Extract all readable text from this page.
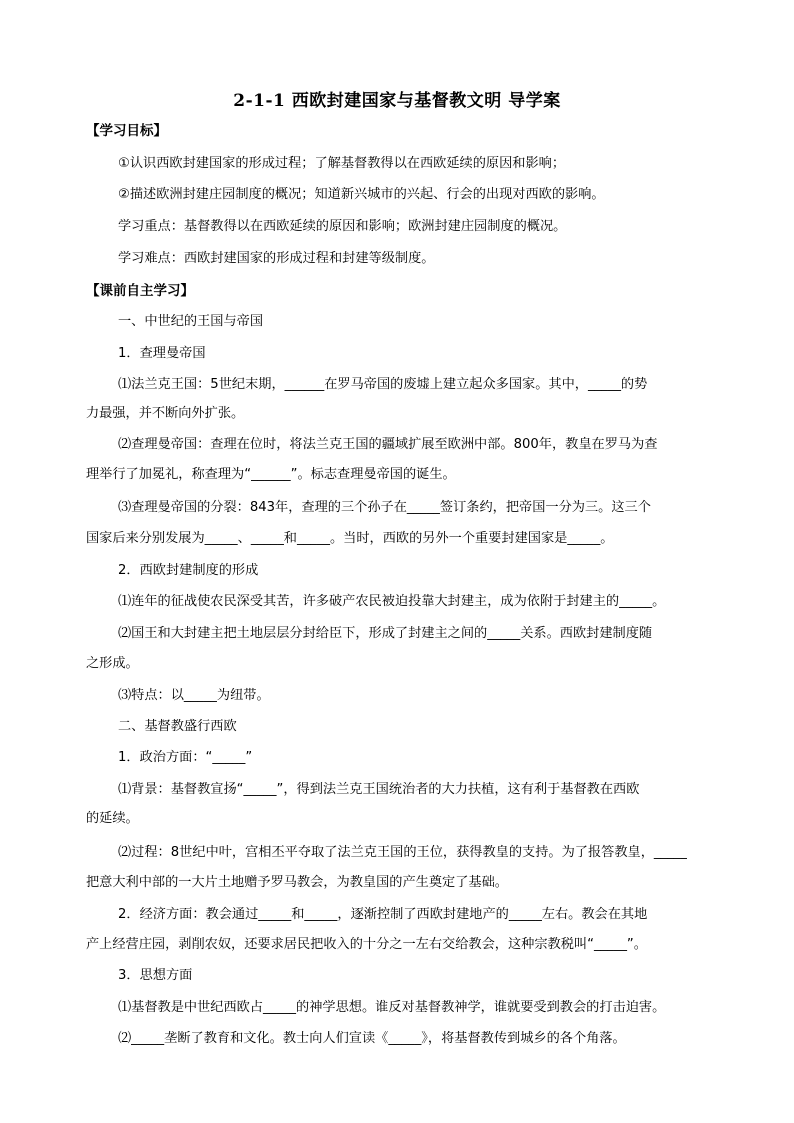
2-1-1 西欧封建国家与基督教文明 导学案
【学习目标】
①认识西欧封建国家的形成过程；了解基督教得以在西欧延续的原因和影响；
②描述欧洲封建庄园制度的概况；知道新兴城市的兴起、行会的出现对西欧的影响。
学习重点：基督教得以在西欧延续的原因和影响；欧洲封建庄园制度的概况。
学习难点：西欧封建国家的形成过程和封建等级制度。
【课前自主学习】
一、中世纪的王国与帝国
1．查理曼帝国
⑴法兰克王国：5世纪末期，______在罗马帝国的废墟上建立起众多国家。其中，_____的势
力最强，并不断向外扩张。
⑵查理曼帝国：查理在位时，将法兰克王国的疆域扩展至欧洲中部。800年，教皇在罗马为查
理举行了加冕礼，称查理为“______”。标志查理曼帝国的诞生。
⑶查理曼帝国的分裂：843年，查理的三个孙子在_____签订条约，把帝国一分为三。这三个
国家后来分别发展为_____、_____和_____。当时，西欧的另外一个重要封建国家是_____。
2．西欧封建制度的形成
⑴连年的征战使农民深受其苦，许多破产农民被迫投靠大封建主，成为依附于封建主的_____。
⑵国王和大封建主把土地层层分封给臣下，形成了封建主之间的_____关系。西欧封建制度随
之形成。
⑶特点：以_____为纽带。
二、基督教盛行西欧
1．政治方面：“_____”
⑴背景：基督教宣扬“_____”，得到法兰克王国统治者的大力扶植，这有利于基督教在西欧
的延续。
⑵过程：8世纪中叶，宫相丕平夺取了法兰克王国的王位，获得教皇的支持。为了报答教皇，_____
把意大利中部的一大片土地赠予罗马教会，为教皇国的产生奠定了基础。
2．经济方面：教会通过_____和_____，逐渐控制了西欧封建地产的_____左右。教会在其地
产上经营庄园，剥削农奴，还要求居民把收入的十分之一左右交给教会，这种宗教税叫“_____”。
3．思想方面
⑴基督教是中世纪西欧占_____的神学思想。谁反对基督教神学，谁就要受到教会的打击迫害。
⑵_____垄断了教育和文化。教士向人们宣读《_____》，将基督教传到城乡的各个角落。
